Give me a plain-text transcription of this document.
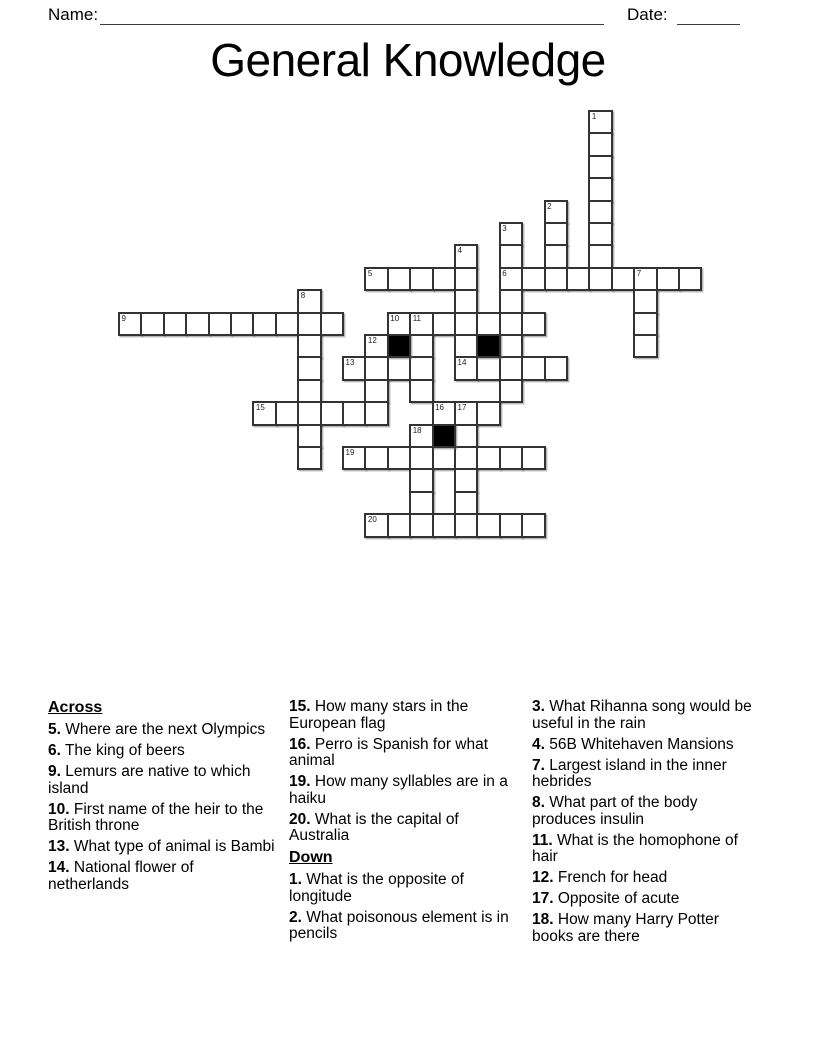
Name:	Date:
General Knowledge
1
2
3
4
5	6	7
8
9	10 11
12
13	14
15	16 17
18
19
20
Across

5. Where are the next Olympics

6. The king of beers

9. Lemurs are native to which island

10. First name of the heir to the British throne

13. What type of animal is Bambi

14. National flower of netherlands

15. How many stars in the European flag

16. Perro is Spanish for what animal

19. How many syllables are in a haiku

20. What is the capital of Australia

Down

1. What is the opposite of longitude

2. What poisonous element is in pencils

3. What Rihanna song would be useful in the rain

4. 56B Whitehaven Mansions

7. Largest island in the inner hebrides

8. What part of the body produces insulin

11. What is the homophone of hair

12. French for head

17. Opposite of acute

18. How many Harry Potter books are there
